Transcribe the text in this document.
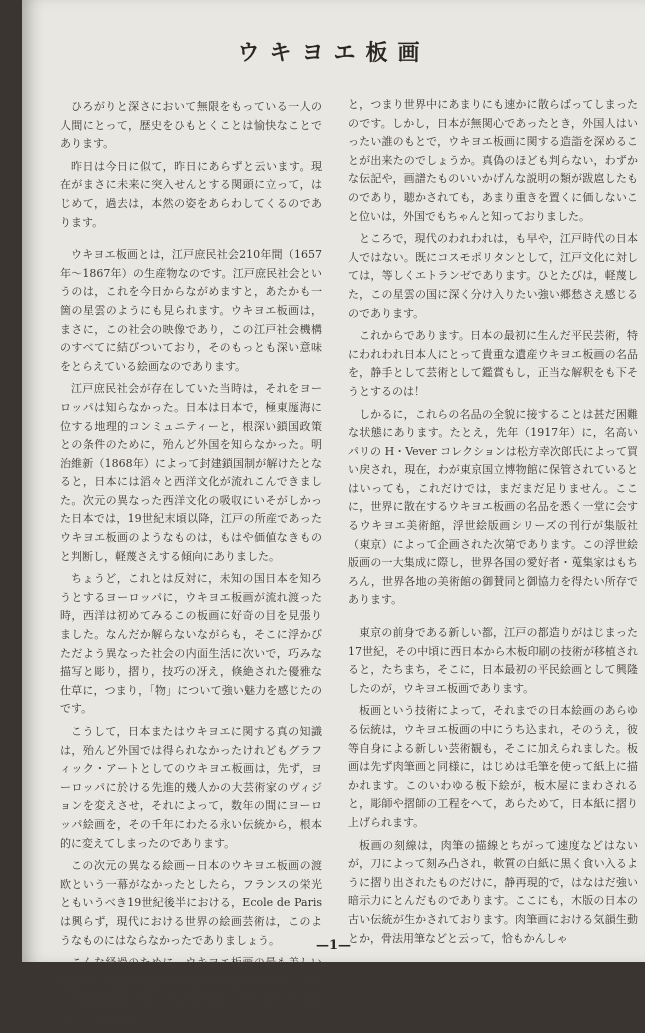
ウキヨエ板画

ひろがりと深さにおいて無限をもっている一人の人間にとって，歴史をひもとくことは愉快なことであります。

昨日は今日に似て，昨日にあらずと云います。現在がまさに未来に突入せんとする関頭に立って，はじめて，過去は，本然の姿をあらわしてくるのであります。

ウキヨエ板画とは，江戸庶民社会210年間（1657年〜1867年）の生産物なのです。江戸庶民社会というのは，これを今日からながめますと，あたかも一箇の星雲のようにも見られます。ウキヨエ板画は，まさに，この社会の映像であり，この江戸社会機構のすべてに結びついており，そのもっとも深い意味をとらえている絵画なのであります。

江戸庶民社会が存在していた当時は，それをヨーロッパは知らなかった。日本は日本で，極東厖海に位する地理的コンミュニティーと，根深い鎖国政策との条件のために，殆んど外国を知らなかった。明治維新（1868年）によって封建鎖国制が解けたとなると，日本には滔々と西洋文化が流れこんできました。次元の異なった西洋文化の吸収にいそがしかった日本では，19世紀末頃以降，江戸の所産であったウキヨエ板画のようなものは，もはや価値なきものと判断し，軽蔑さえする傾向にありました。

ちょうど，これとは反対に，未知の国日本を知ろうとするヨーロッパに，ウキヨエ板画が流れ渡った時，西洋は初めてみるこの板画に好奇の目を見張りました。なんだか解らないながらも，そこに浮かびただよう異なった社会の内面生活に次いで，巧みな描写と彫り，摺り，技巧の冴え，倏絶された優雅な仕草に，つまり，「物」について強い魅力を感じたのです。

こうして，日本またはウキヨエに関する真の知識は，殆んど外国では得られなかったけれどもグラフィック・アートとしてのウキヨエ板画は，先ず，ヨーロッパに於ける先進的幾人かの大芸術家のヴィジョンを変えさせ，それによって，数年の間にヨーロッパ絵画を，その千年にわたる永い伝統から，根本的に変えてしまったのであります。

この次元の異なる絵画ー日本のウキヨエ板画の渡欧という一幕がなかったとしたら，フランスの栄光ともいうべき19世紀後半における，Ecole de Paris は興らず，現代における世界の絵画芸術は，このようなものにはならなかったでありましょう。

こんな経過のために，ウキヨエ板画の最も美しい部分が，開国以後まもない30年ばかりの間に，フランスを初めヨーロッパの各地に，つづいてイギリス，アメリカへ

と，つまり世界中にあまりにも速かに散らばってしまったのです。しかし，日本が無関心であったとき，外国人はいったい誰のもとで，ウキヨエ板画に関する造詣を深めることが出来たのでしょうか。真偽のほども判らない，わずかな伝記や，画譜たものいいかげんな説明の類が跋扈したものであり，聴かされても，あまり重きを置くに価しないこと位いは，外国でもちゃんと知っておりました。

ところで，現代のわれわれは，も早や，江戸時代の日本人ではない。既にコスモポリタンとして，江戸文化に対しては，等しくエトランゼであります。ひとたびは，軽蔑した，この星雲の国に深く分け入りたい強い郷愁さえ感じるのであります。

これからであります。日本の最初に生んだ平民芸術，特にわれわれ日本人にとって貴重な遺産ウキヨエ板画の名品を，静手として芸術として鑑賞もし，正当な解釈をも下そうとするのは！

しかるに，これらの名品の全貌に接することは甚だ困難な状態にあります。たとえ，先年（1917年）に，名高いパリの H・Vever コレクションは松方幸次郎氏によって買い戻され，現在，わが東京国立博物館に保管されているとはいっても，これだけでは，まだまだ足りません。ここに，世界に散在するウキヨエ板画の名品を悉く一堂に会するウキヨエ美術館，浮世絵版画シリーズの刊行が集版社（東京）によって企画された次第であります。この浮世絵版画の一大集成に際し，世界各国の愛好者・蒐集家はもちろん，世界各地の美術館の御賛同と御協力を得たい所存であります。

東京の前身である新しい都，江戸の都造りがはじまった17世紀，その中頃に西日本から木板印刷の技術が移植されると，たちまち，そこに，日本最初の平民絵画として興隆したのが，ウキヨエ板画であります。

板画という技術によって，それまでの日本絵画のあらゆる伝統は，ウキヨエ板画の中にうち込まれ，そのうえ，彼等自身による新しい芸術観も，そこに加えられました。板画は先ず肉筆画と同様に，はじめは毛筆を使って紙上に描かれます。このいわゆる板下絵が，板木屋にまわされると，彫師や摺師の工程をへて，あらためて，日本紙に摺り上げられます。

板画の刻線は，肉筆の描線とちがって速度などはないが，刀によって刻み凸され，軟質の白紙に黒く食い入るように摺り出されたものだけに，静再現的で，はなはだ強い暗示力にとんだものであります。ここにも，木版の日本の古い伝統が生かされております。肉筆画における気韻生動とか，骨法用筆などと云って，恰もかんしゃ

—1—
